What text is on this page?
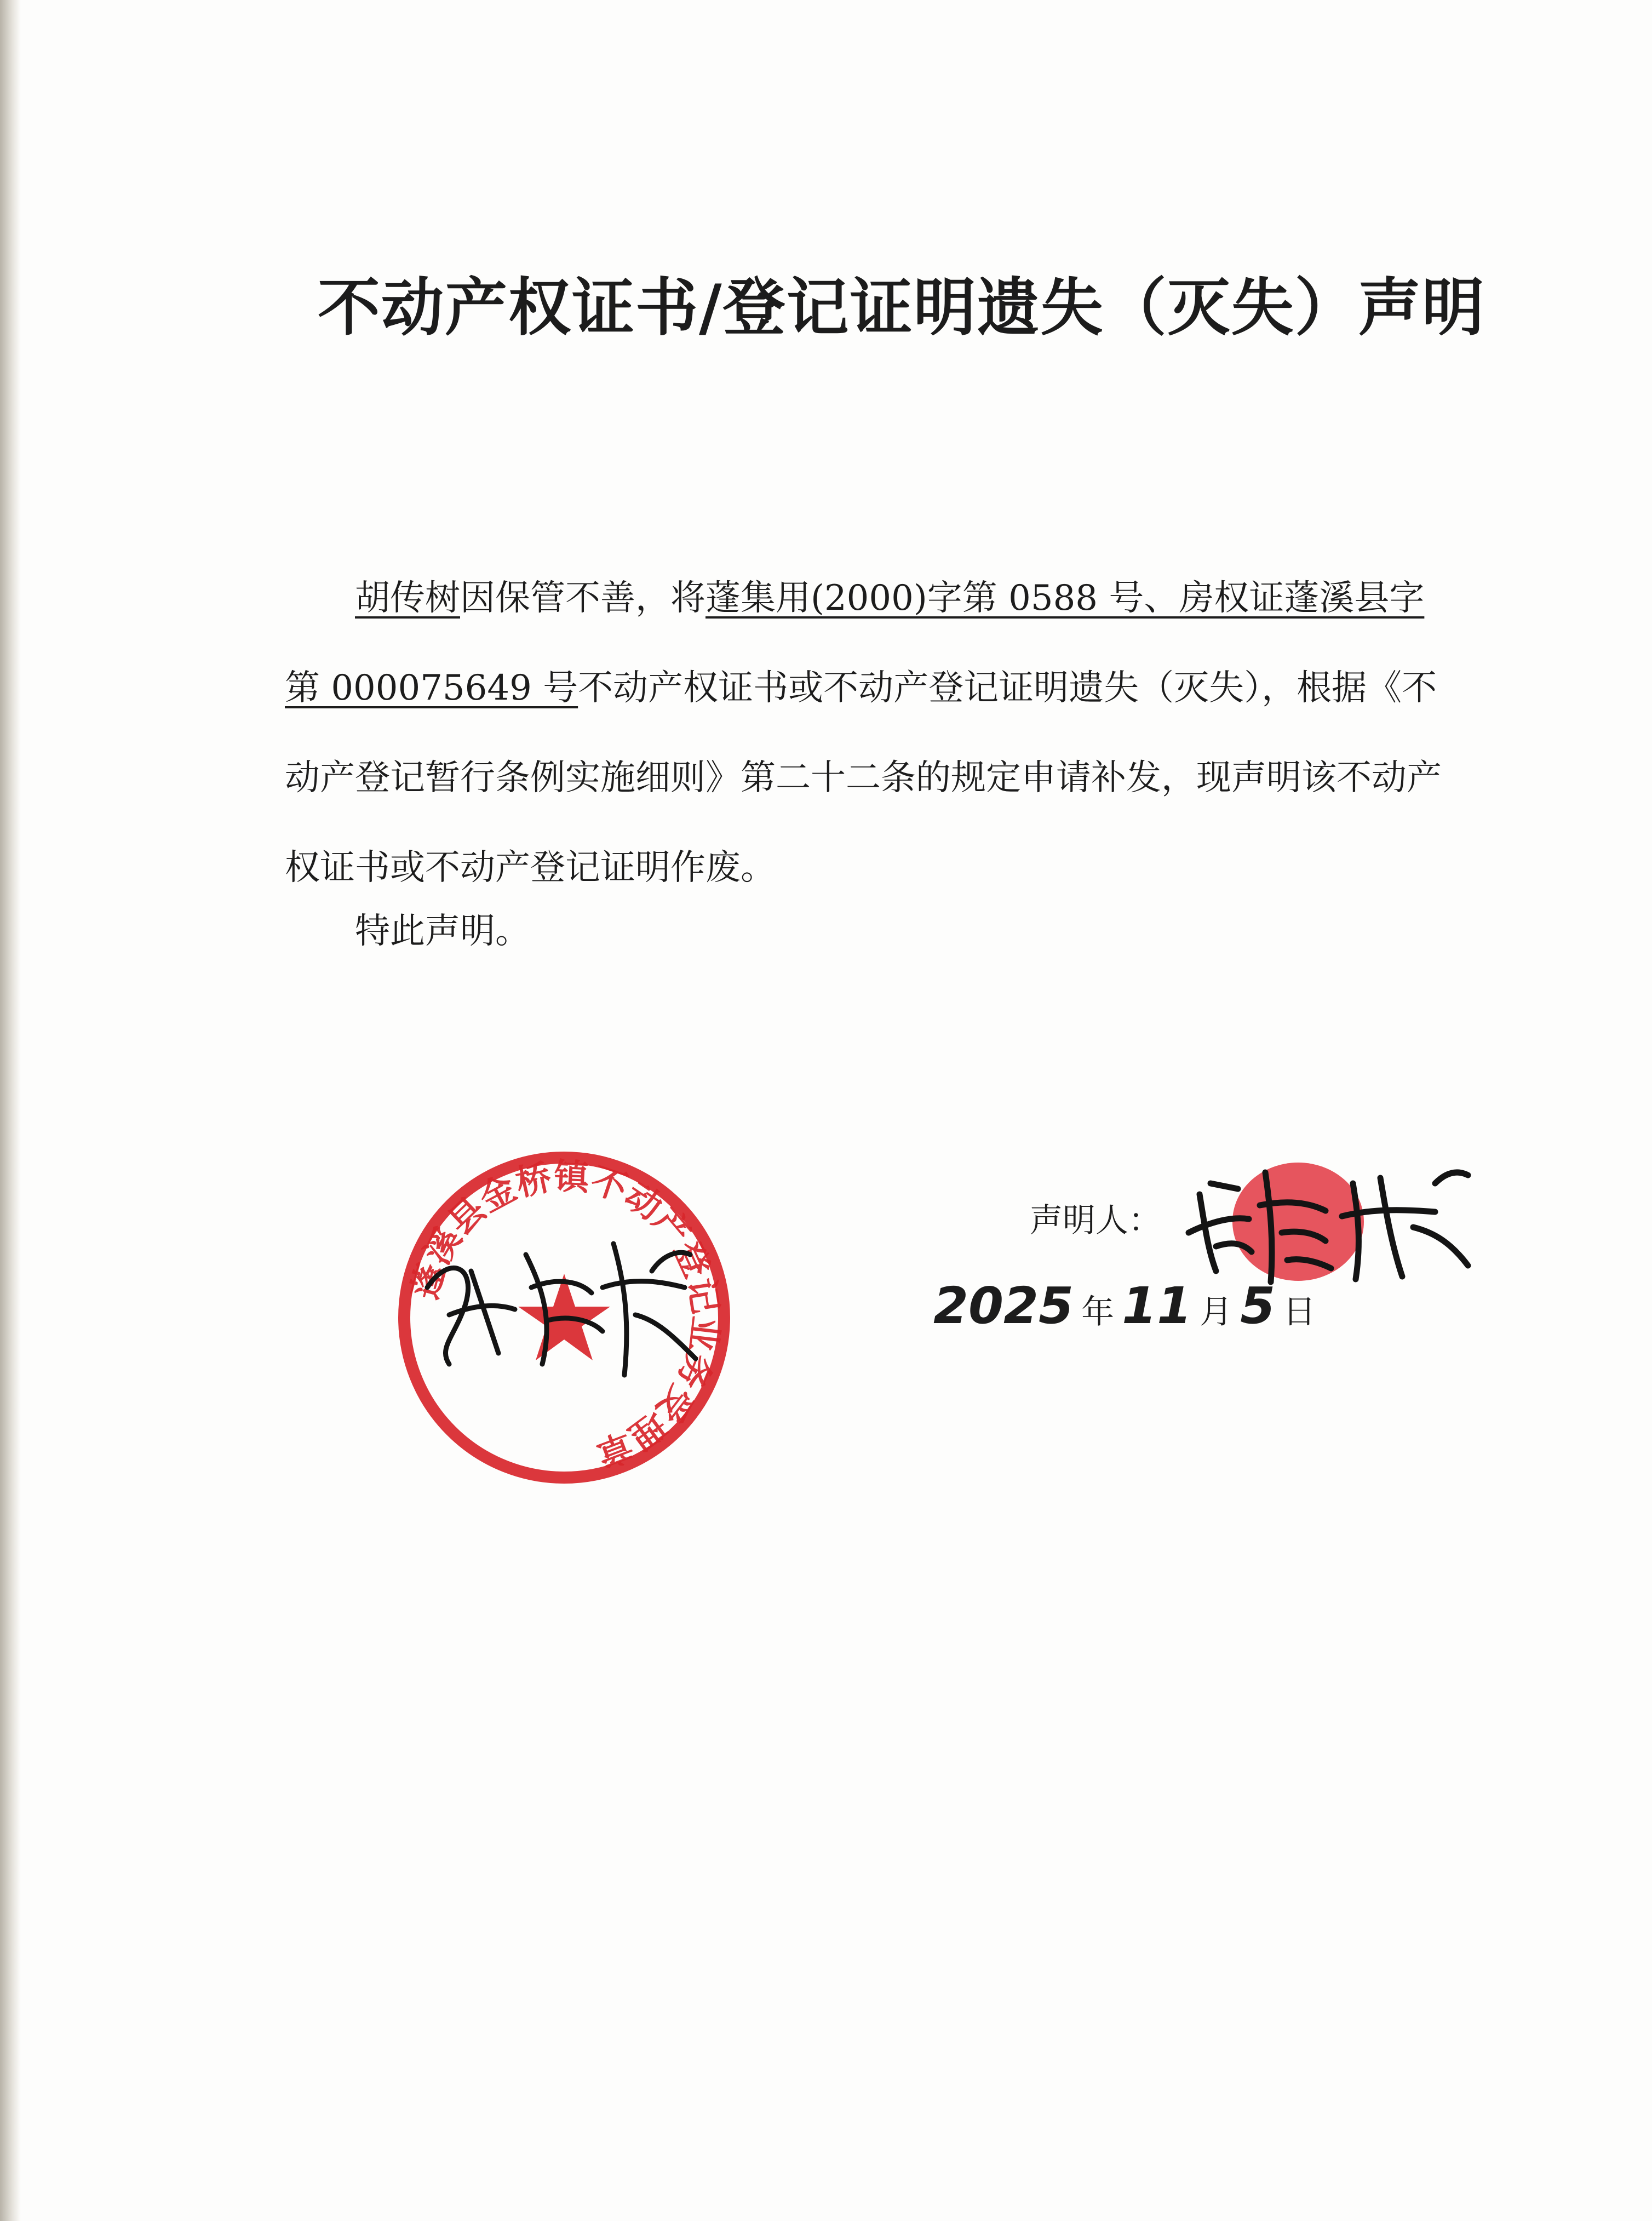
不动产权证书/登记证明遗失（灭失）声明

胡传树因保管不善，将蓬集用(2000)字第 0588 号、房权证蓬溪县字第 000075649 号不动产权证书或不动产登记证明遗失（灭失），根据《不动产登记暂行条例实施细则》第二十二条的规定申请补发，现声明该不动产权证书或不动产登记证明作废。

特此声明。
蓬溪县金桥镇不动产登记业务受理章
声明人：
2025 年 11 月 5 日
